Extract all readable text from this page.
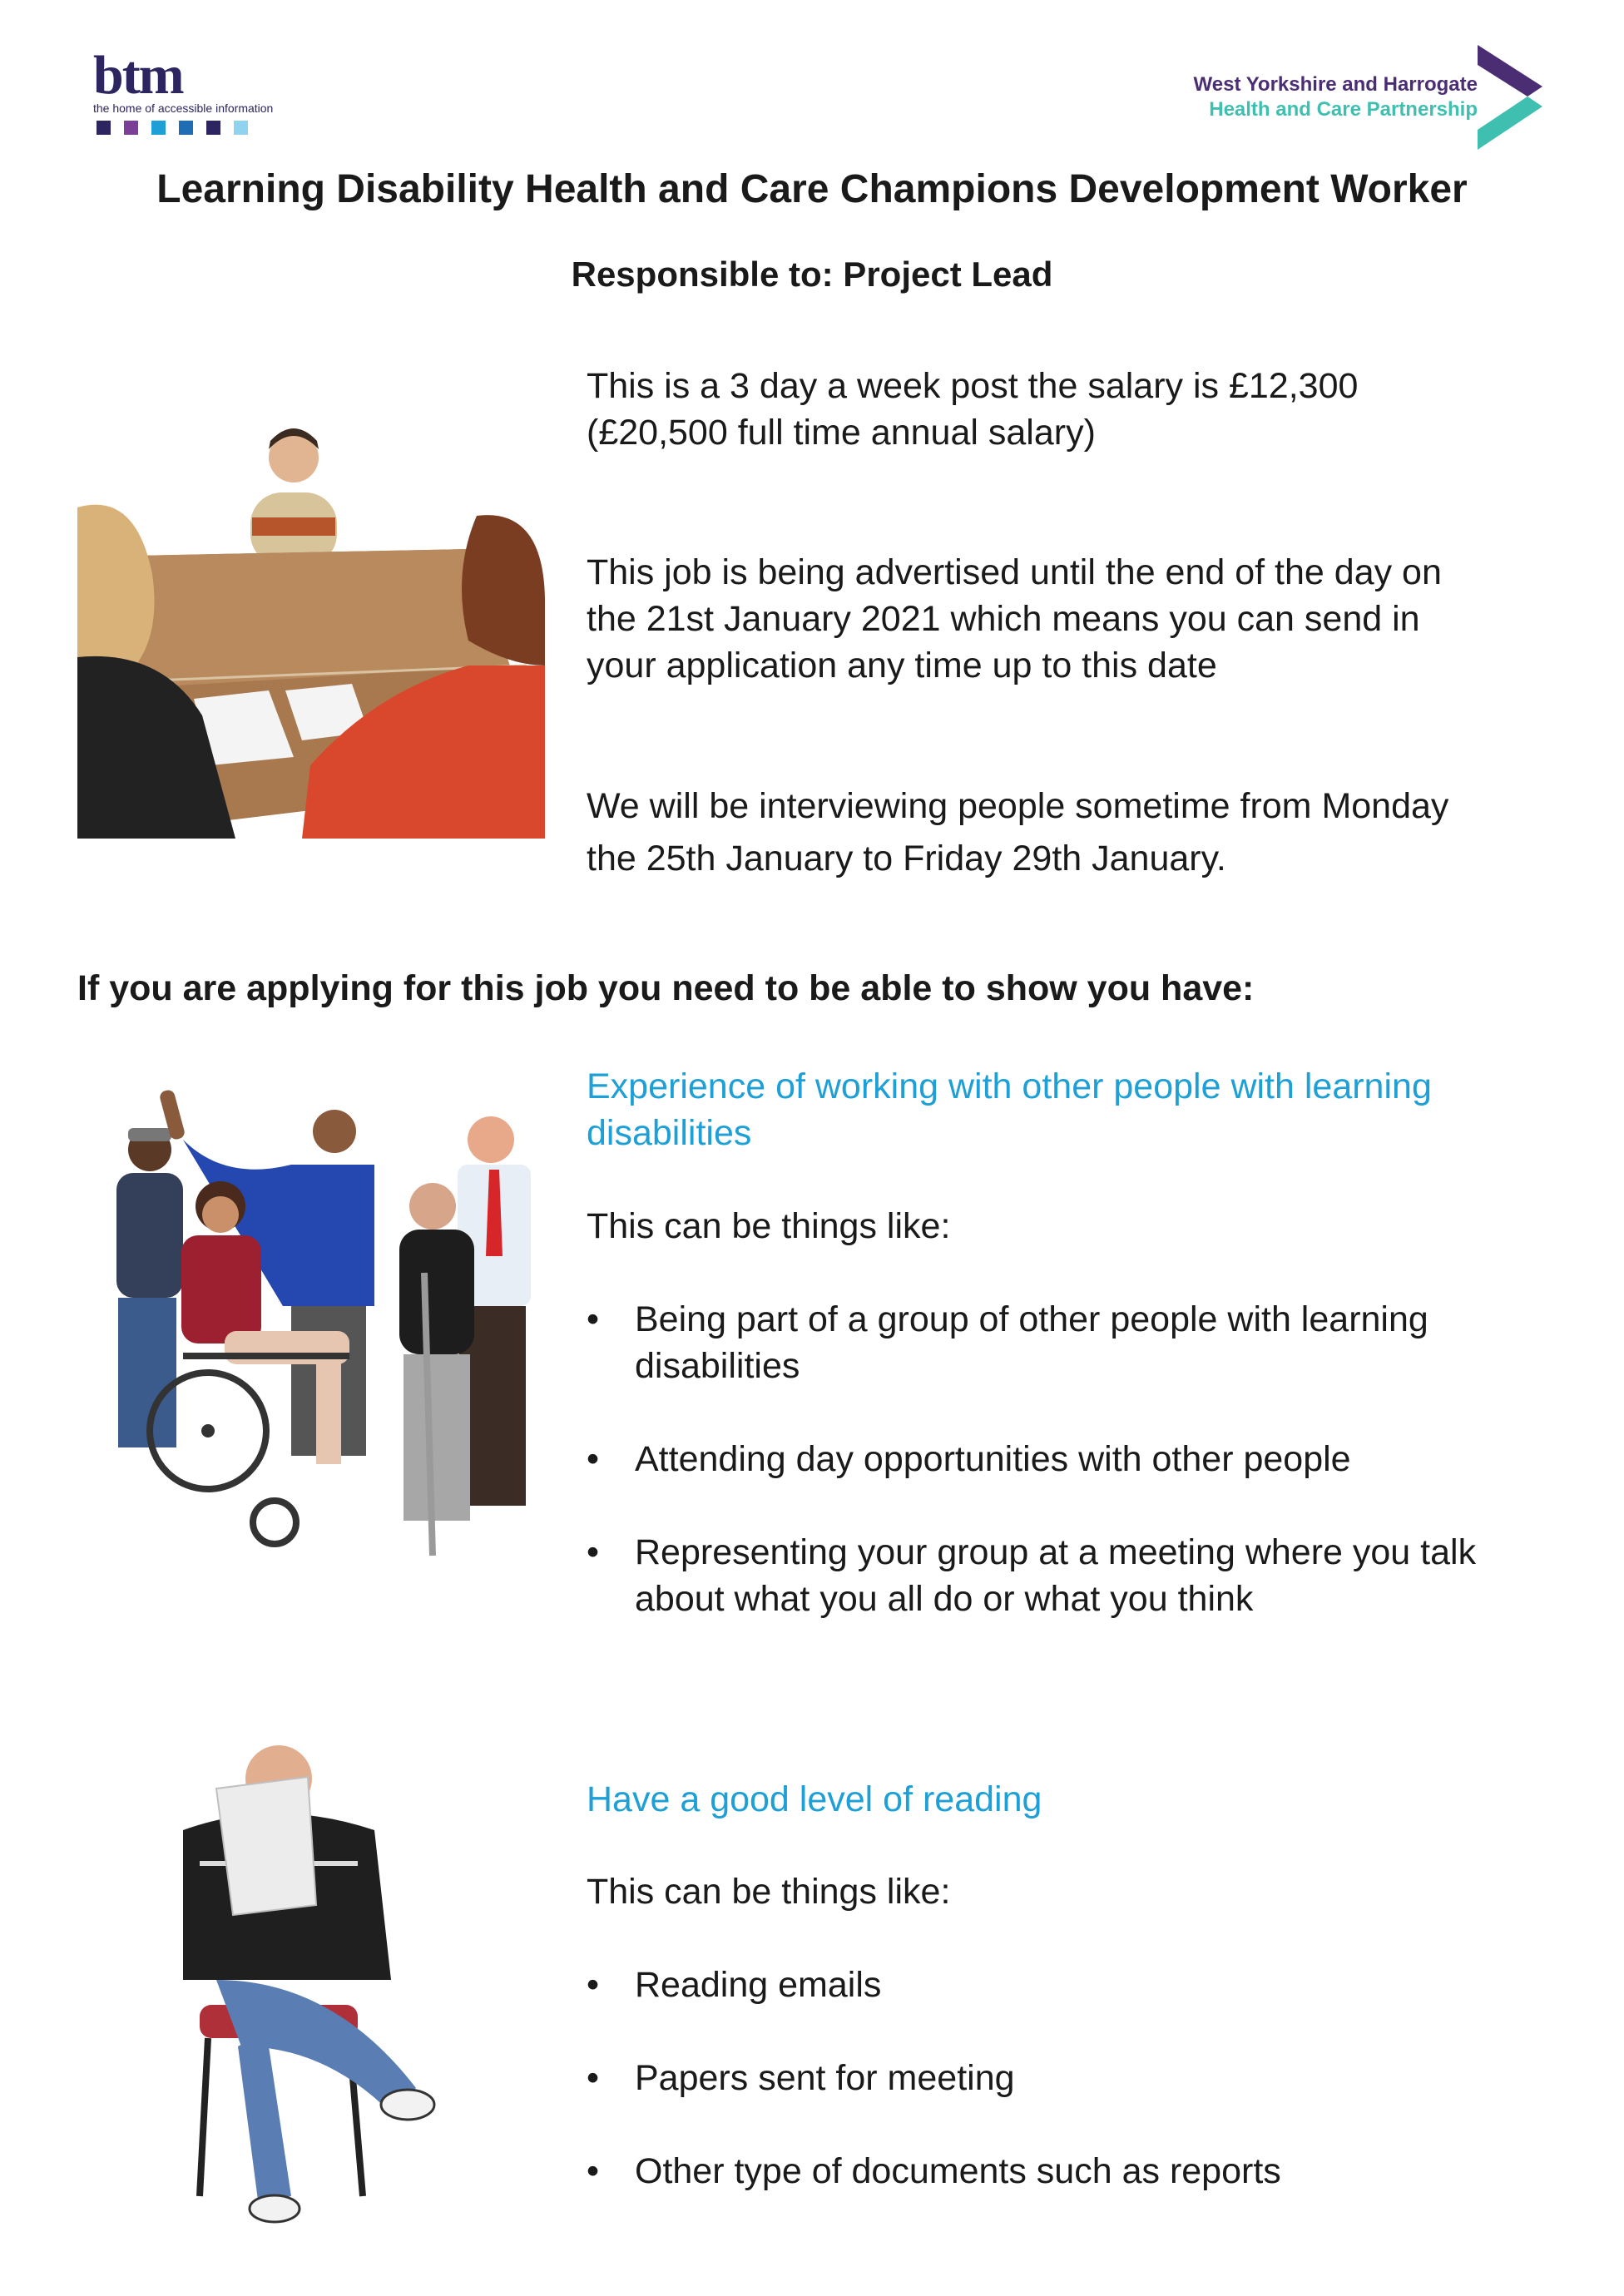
btm
the home of accessible information
West Yorkshire and Harrogate
Health and Care Partnership
Learning Disability Health and Care Champions Development Worker
Responsible to: Project Lead
This is a 3 day a week post the salary is £12,300
(£20,500 full time annual salary)
This job is being advertised until the end of the day on
the 21st January 2021 which means you can send in
your application any time up to this date
We will be interviewing people sometime from Monday
the 25th January to Friday 29th January.
If you are applying for this job you need to be able to show you have:
Experience of working with other people with learning
disabilities
This can be things like:
• Being part of a group of other people with learning
disabilities
• Attending day opportunities with other people
• Representing your group at a meeting where you talk
about what you all do or what you think
Have a good level of reading
This can be things like:
• Reading emails
• Papers sent for meeting
• Other type of documents such as reports
